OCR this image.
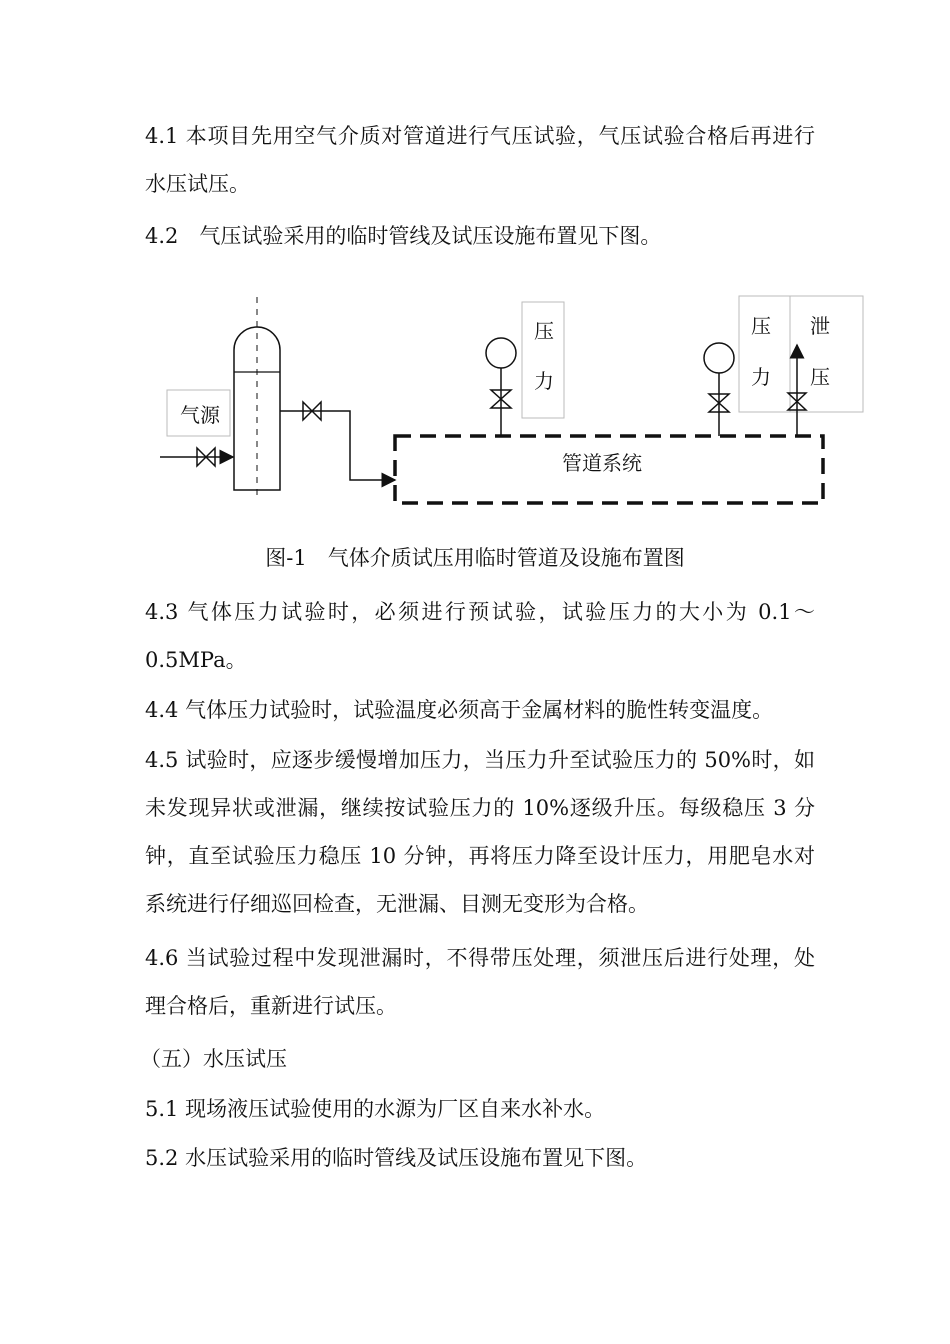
4.1 本项目先用空气介质对管道进行气压试验，气压试验合格后再进行水压试压。

4.2　气压试验采用的临时管线及试压设施布置见下图。
气源
管道系统
压
力
压
力
泄
压
图-1　气体介质试压用临时管道及设施布置图

4.3 气体压力试验时，必须进行预试验，试验压力的大小为 0.1～0.5MPa。

4.4 气体压力试验时，试验温度必须高于金属材料的脆性转变温度。

4.5 试验时，应逐步缓慢增加压力，当压力升至试验压力的 50%时，如未发现异状或泄漏，继续按试验压力的 10%逐级升压。每级稳压 3 分钟，直至试验压力稳压 10 分钟，再将压力降至设计压力，用肥皂水对系统进行仔细巡回检查，无泄漏、目测无变形为合格。

4.6 当试验过程中发现泄漏时，不得带压处理，须泄压后进行处理，处理合格后，重新进行试压。

（五）水压试压
5.1 现场液压试验使用的水源为厂区自来水补水。
5.2 水压试验采用的临时管线及试压设施布置见下图。
